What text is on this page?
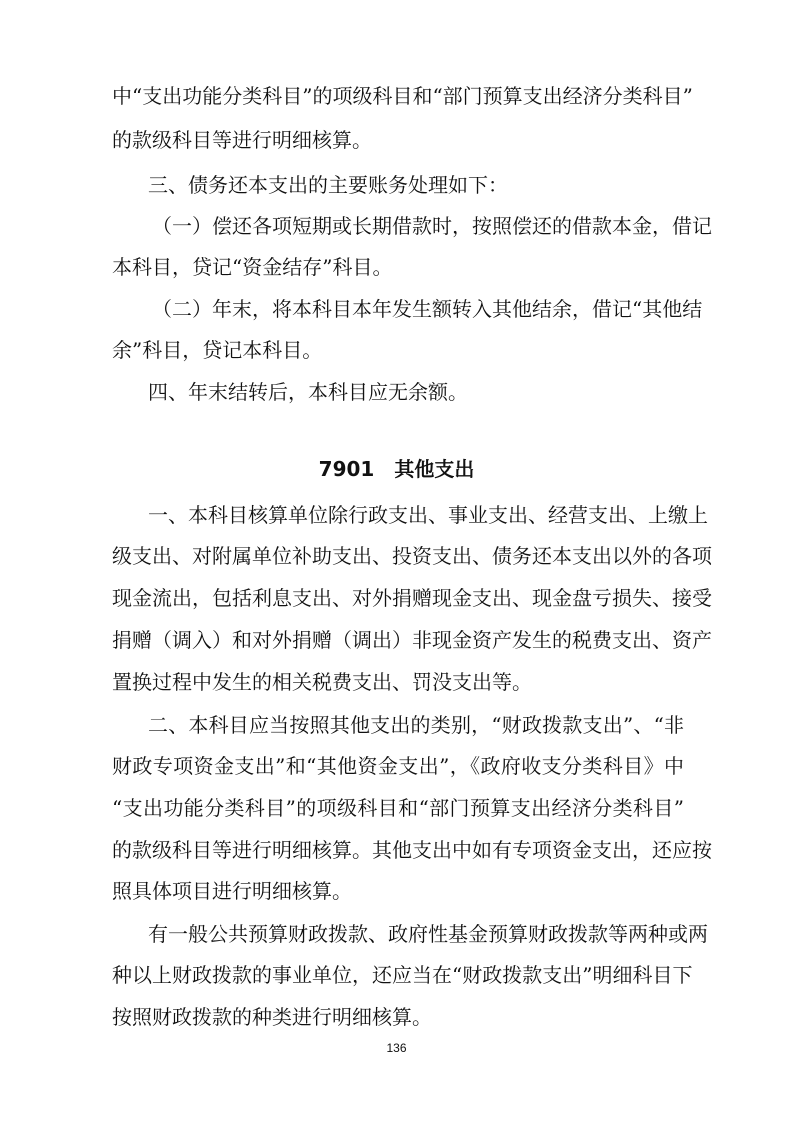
中“支出功能分类科目”的项级科目和“部门预算支出经济分类科目”
的款级科目等进行明细核算。
三、债务还本支出的主要账务处理如下：
（一）偿还各项短期或长期借款时，按照偿还的借款本金，借记
本科目，贷记“资金结存”科目。
（二）年末，将本科目本年发生额转入其他结余，借记“其他结
余”科目，贷记本科目。
四、年末结转后，本科目应无余额。
7901　其他支出
一、本科目核算单位除行政支出、事业支出、经营支出、上缴上
级支出、对附属单位补助支出、投资支出、债务还本支出以外的各项
现金流出，包括利息支出、对外捐赠现金支出、现金盘亏损失、接受
捐赠（调入）和对外捐赠（调出）非现金资产发生的税费支出、资产
置换过程中发生的相关税费支出、罚没支出等。
二、本科目应当按照其他支出的类别，“财政拨款支出”、“非
财政专项资金支出”和“其他资金支出”，《政府收支分类科目》中
“支出功能分类科目”的项级科目和“部门预算支出经济分类科目”
的款级科目等进行明细核算。其他支出中如有专项资金支出，还应按
照具体项目进行明细核算。
有一般公共预算财政拨款、政府性基金预算财政拨款等两种或两
种以上财政拨款的事业单位，还应当在“财政拨款支出”明细科目下
按照财政拨款的种类进行明细核算。
136
